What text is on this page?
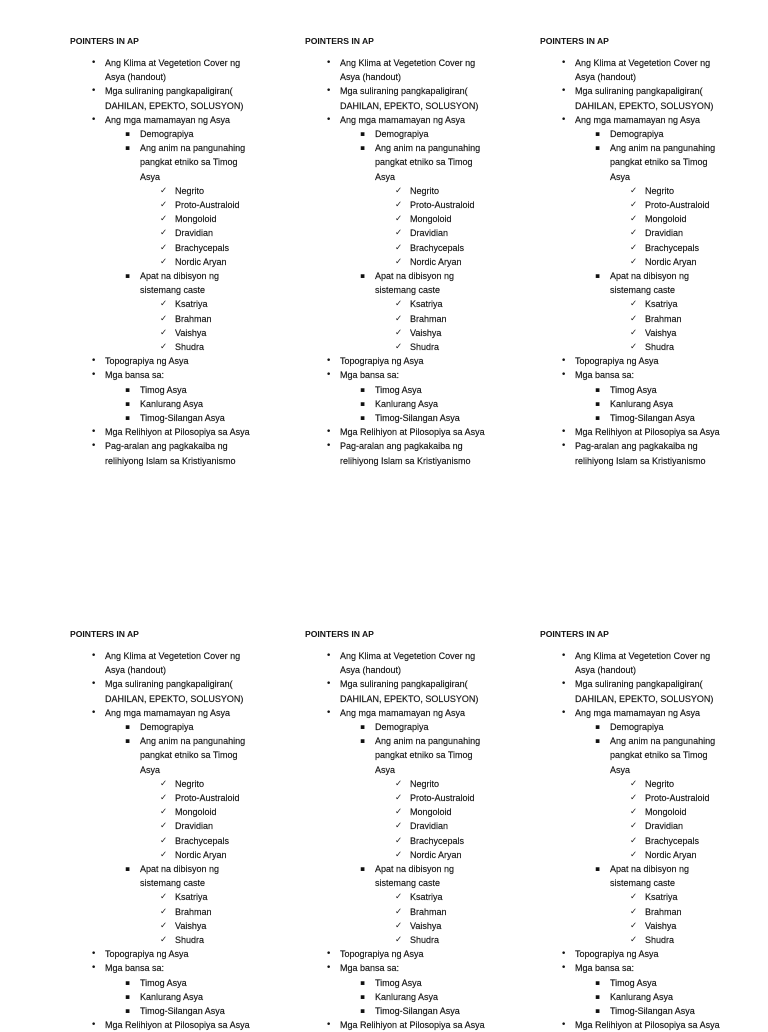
POINTERS IN AP
•
Ang Klima at Vegetetion Cover ng
Asya (handout)
•
Mga suliraning pangkapaligiran(
DAHILAN, EPEKTO, SOLUSYON)
•
Ang mga mamamayan ng Asya
▪
Demograpiya
▪
Ang anim na pangunahing
pangkat etniko sa Timog
Asya
✓
Negrito
✓
Proto-Australoid
✓
Mongoloid
✓
Dravidian
✓
Brachycepals
✓
Nordic Aryan
▪
Apat na dibisyon ng
sistemang caste
✓
Ksatriya
✓
Brahman
✓
Vaishya
✓
Shudra
•
Topograpiya ng Asya
•
Mga bansa sa:
▪
Timog Asya
▪
Kanlurang Asya
▪
Timog-Silangan Asya
•
Mga Relihiyon at Pilosopiya sa Asya
•
Pag-aralan ang pagkakaiba ng
relihiyong Islam sa Kristiyanismo
POINTERS IN AP
•
Ang Klima at Vegetetion Cover ng
Asya (handout)
•
Mga suliraning pangkapaligiran(
DAHILAN, EPEKTO, SOLUSYON)
•
Ang mga mamamayan ng Asya
▪
Demograpiya
▪
Ang anim na pangunahing
pangkat etniko sa Timog
Asya
✓
Negrito
✓
Proto-Australoid
✓
Mongoloid
✓
Dravidian
✓
Brachycepals
✓
Nordic Aryan
▪
Apat na dibisyon ng
sistemang caste
✓
Ksatriya
✓
Brahman
✓
Vaishya
✓
Shudra
•
Topograpiya ng Asya
•
Mga bansa sa:
▪
Timog Asya
▪
Kanlurang Asya
▪
Timog-Silangan Asya
•
Mga Relihiyon at Pilosopiya sa Asya
•
Pag-aralan ang pagkakaiba ng
relihiyong Islam sa Kristiyanismo
POINTERS IN AP
•
Ang Klima at Vegetetion Cover ng
Asya (handout)
•
Mga suliraning pangkapaligiran(
DAHILAN, EPEKTO, SOLUSYON)
•
Ang mga mamamayan ng Asya
▪
Demograpiya
▪
Ang anim na pangunahing
pangkat etniko sa Timog
Asya
✓
Negrito
✓
Proto-Australoid
✓
Mongoloid
✓
Dravidian
✓
Brachycepals
✓
Nordic Aryan
▪
Apat na dibisyon ng
sistemang caste
✓
Ksatriya
✓
Brahman
✓
Vaishya
✓
Shudra
•
Topograpiya ng Asya
•
Mga bansa sa:
▪
Timog Asya
▪
Kanlurang Asya
▪
Timog-Silangan Asya
•
Mga Relihiyon at Pilosopiya sa Asya
•
Pag-aralan ang pagkakaiba ng
relihiyong Islam sa Kristiyanismo
POINTERS IN AP
•
Ang Klima at Vegetetion Cover ng
Asya (handout)
•
Mga suliraning pangkapaligiran(
DAHILAN, EPEKTO, SOLUSYON)
•
Ang mga mamamayan ng Asya
▪
Demograpiya
▪
Ang anim na pangunahing
pangkat etniko sa Timog
Asya
✓
Negrito
✓
Proto-Australoid
✓
Mongoloid
✓
Dravidian
✓
Brachycepals
✓
Nordic Aryan
▪
Apat na dibisyon ng
sistemang caste
✓
Ksatriya
✓
Brahman
✓
Vaishya
✓
Shudra
•
Topograpiya ng Asya
•
Mga bansa sa:
▪
Timog Asya
▪
Kanlurang Asya
▪
Timog-Silangan Asya
•
Mga Relihiyon at Pilosopiya sa Asya
POINTERS IN AP
•
Ang Klima at Vegetetion Cover ng
Asya (handout)
•
Mga suliraning pangkapaligiran(
DAHILAN, EPEKTO, SOLUSYON)
•
Ang mga mamamayan ng Asya
▪
Demograpiya
▪
Ang anim na pangunahing
pangkat etniko sa Timog
Asya
✓
Negrito
✓
Proto-Australoid
✓
Mongoloid
✓
Dravidian
✓
Brachycepals
✓
Nordic Aryan
▪
Apat na dibisyon ng
sistemang caste
✓
Ksatriya
✓
Brahman
✓
Vaishya
✓
Shudra
•
Topograpiya ng Asya
•
Mga bansa sa:
▪
Timog Asya
▪
Kanlurang Asya
▪
Timog-Silangan Asya
•
Mga Relihiyon at Pilosopiya sa Asya
POINTERS IN AP
•
Ang Klima at Vegetetion Cover ng
Asya (handout)
•
Mga suliraning pangkapaligiran(
DAHILAN, EPEKTO, SOLUSYON)
•
Ang mga mamamayan ng Asya
▪
Demograpiya
▪
Ang anim na pangunahing
pangkat etniko sa Timog
Asya
✓
Negrito
✓
Proto-Australoid
✓
Mongoloid
✓
Dravidian
✓
Brachycepals
✓
Nordic Aryan
▪
Apat na dibisyon ng
sistemang caste
✓
Ksatriya
✓
Brahman
✓
Vaishya
✓
Shudra
•
Topograpiya ng Asya
•
Mga bansa sa:
▪
Timog Asya
▪
Kanlurang Asya
▪
Timog-Silangan Asya
•
Mga Relihiyon at Pilosopiya sa Asya
